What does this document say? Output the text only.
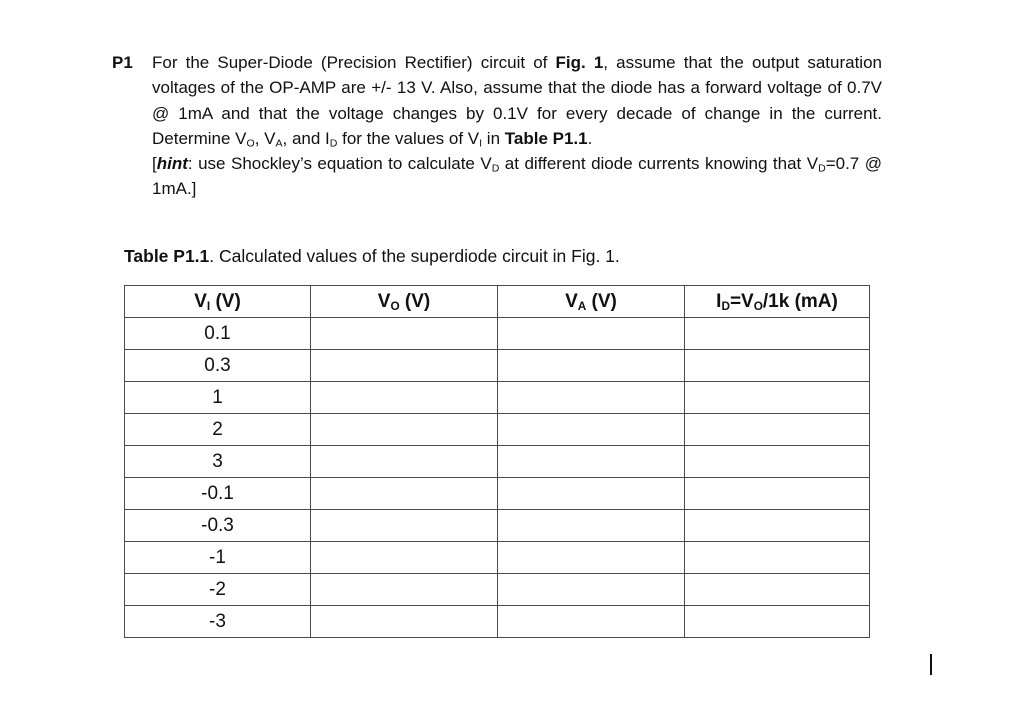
P1 For the Super-Diode (Precision Rectifier) circuit of Fig. 1, assume that the output saturation voltages of the OP-AMP are +/- 13 V. Also, assume that the diode has a forward voltage of 0.7V @ 1mA and that the voltage changes by 0.1V for every decade of change in the current. Determine $V_O$, $V_A$, and $I_D$ for the values of $V_I$ in Table P1.1.
[hint: use Shockley’s equation to calculate $V_D$ at different diode currents knowing that $V_D=0.7$ @ 1mA.]
Table P1.1. Calculated values of the superdiode circuit in Fig. 1.
$V_I$ (V)	$V_O$ (V)	$V_A$ (V)	$I_D=V_O/1k$ (mA)
0.1			
0.3			
1			
2			
3			
-0.1			
-0.3			
-1			
-2			
-3			
